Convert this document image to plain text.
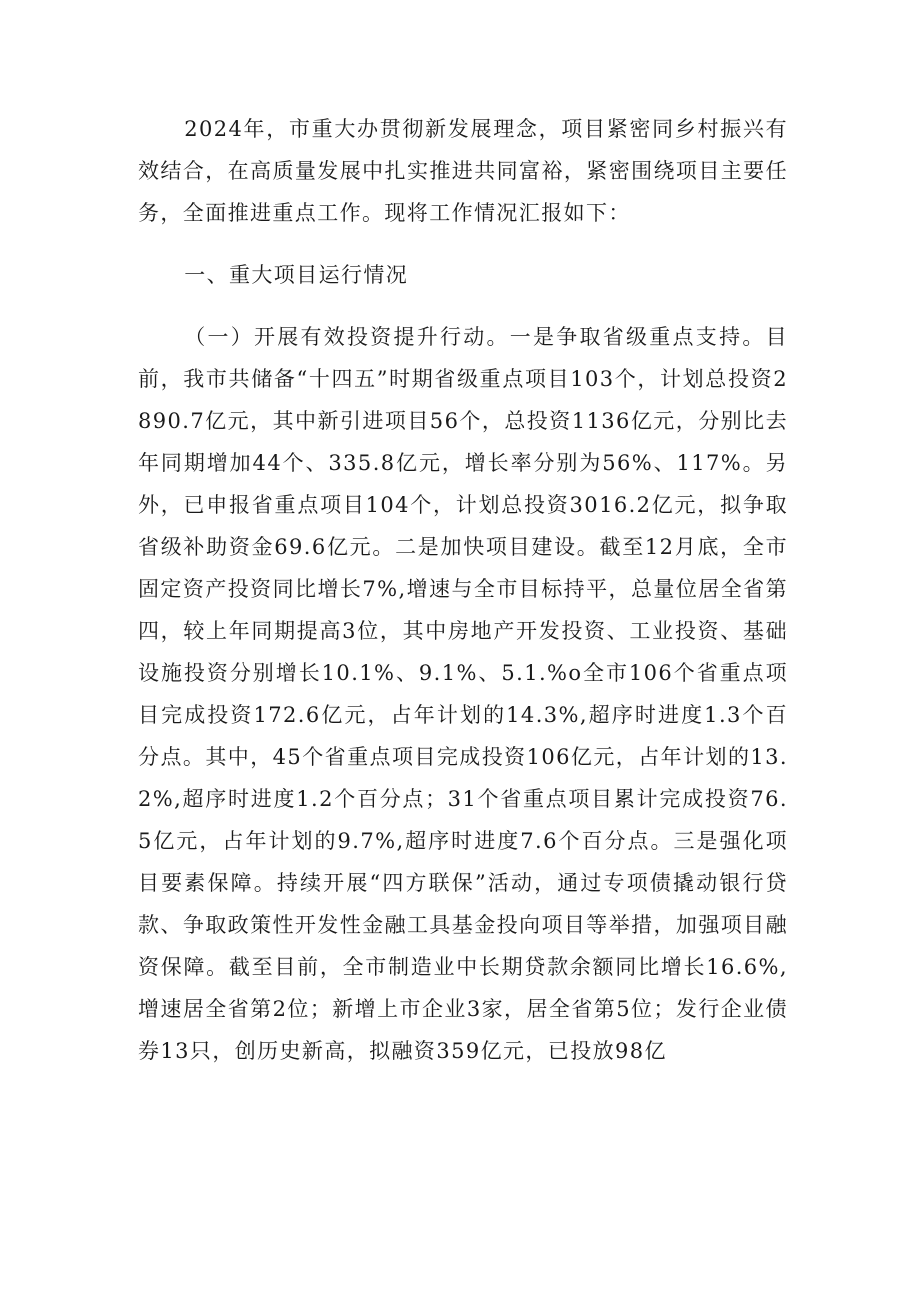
2024年，市重大办贯彻新发展理念，项目紧密同乡村振兴有效结合，在高质量发展中扎实推进共同富裕，紧密围绕项目主要任务，全面推进重点工作。现将工作情况汇报如下：

一、重大项目运行情况

（一）开展有效投资提升行动。一是争取省级重点支持。目前，我市共储备“十四五”时期省级重点项目103个，计划总投资2890.7亿元，其中新引进项目56个，总投资1136亿元，分别比去年同期增加44个、335.8亿元，增长率分别为56%、117%。另外，已申报省重点项目104个，计划总投资3016.2亿元，拟争取省级补助资金69.6亿元。二是加快项目建设。截至12月底，全市固定资产投资同比增长7%,增速与全市目标持平，总量位居全省第四，较上年同期提高3位，其中房地产开发投资、工业投资、基础设施投资分别增长10.1%、9.1%、5.1.%o全市106个省重点项目完成投资172.6亿元，占年计划的14.3%,超序时进度1.3个百分点。其中，45个省重点项目完成投资106亿元，占年计划的13.2%,超序时进度1.2个百分点；31个省重点项目累计完成投资76.5亿元，占年计划的9.7%,超序时进度7.6个百分点。三是强化项目要素保障。持续开展“四方联保”活动，通过专项债撬动银行贷款、争取政策性开发性金融工具基金投向项目等举措，加强项目融资保障。截至目前，全市制造业中长期贷款余额同比增长16.6%,增速居全省第2位；新增上市企业3家，居全省第5位；发行企业债券13只，创历史新高，拟融资359亿元，已投放98亿
